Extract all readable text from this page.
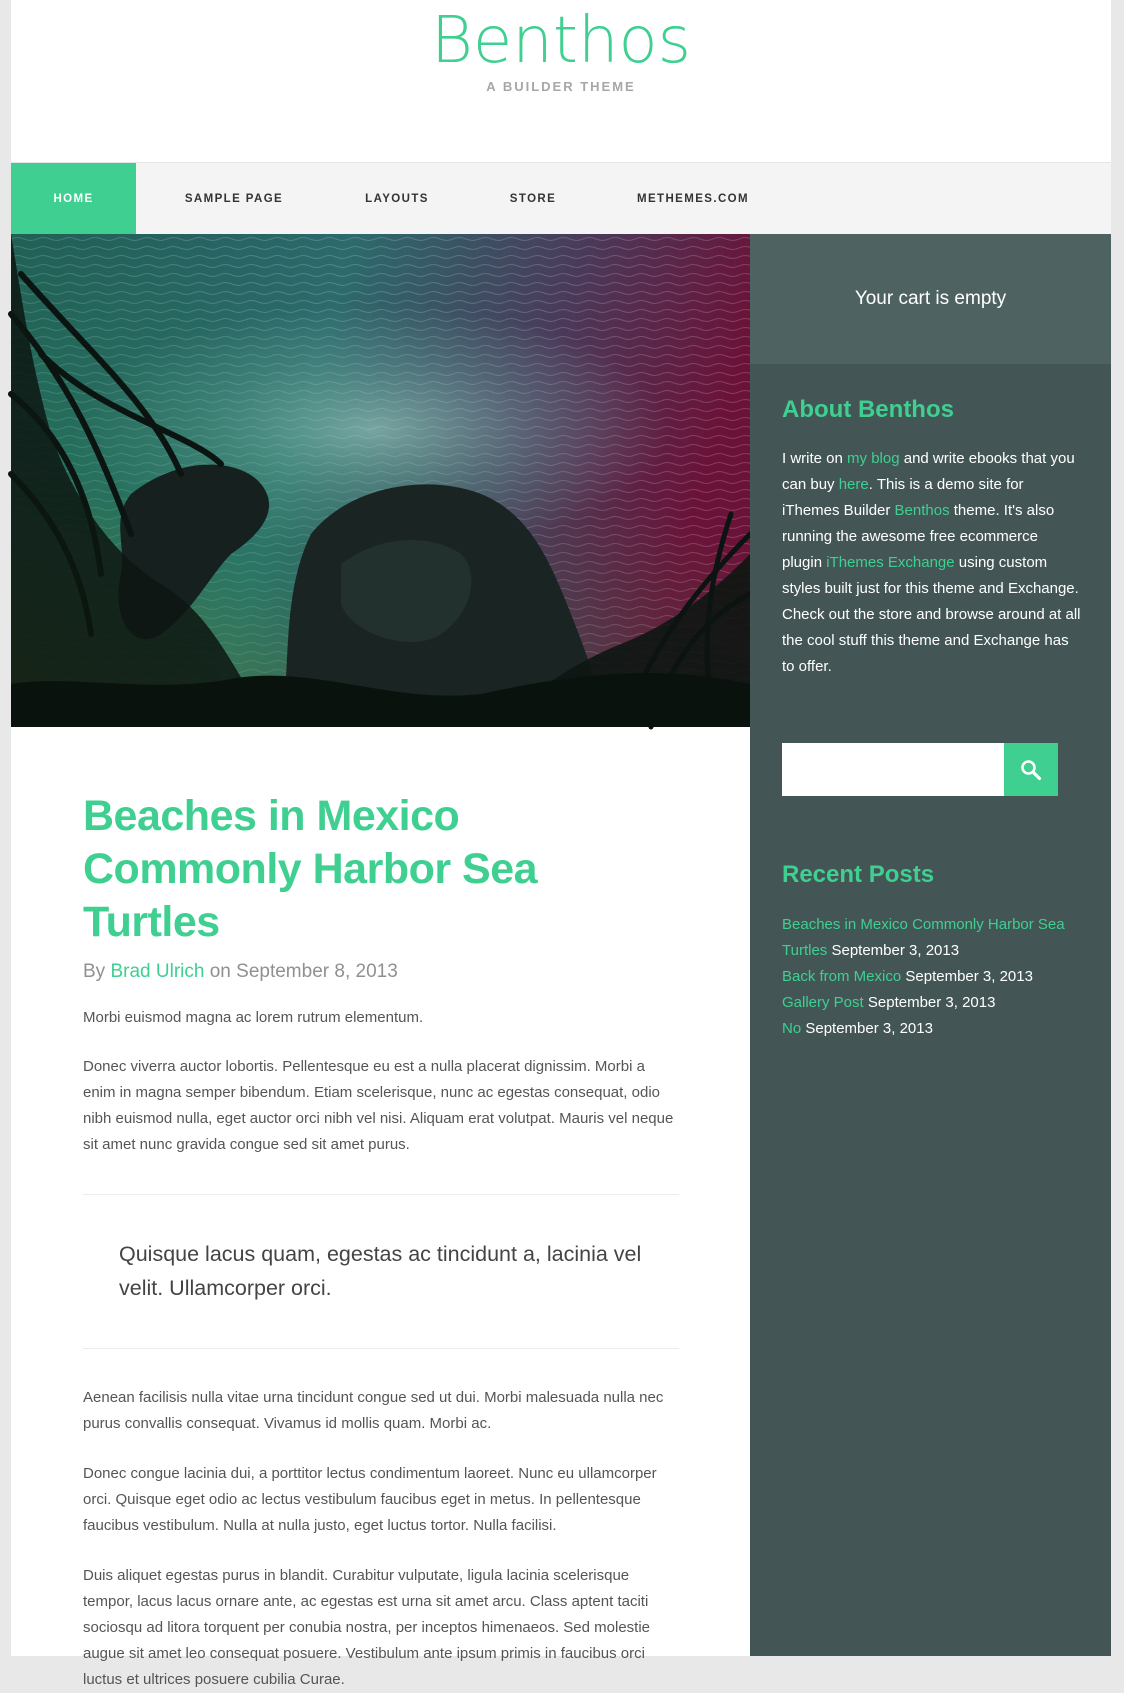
Benthos
A BUILDER THEME
HOME	SAMPLE PAGE	LAYOUTS	STORE	METHEMES.COM
Beaches in Mexico Commonly Harbor Sea Turtles
By Brad Ulrich on September 8, 2013

Morbi euismod magna ac lorem rutrum elementum.

Donec viverra auctor lobortis. Pellentesque eu est a nulla placerat dignissim. Morbi a enim in magna semper bibendum. Etiam scelerisque, nunc ac egestas consequat, odio nibh euismod nulla, eget auctor orci nibh vel nisi. Aliquam erat volutpat. Mauris vel neque sit amet nunc gravida congue sed sit amet purus.

Quisque lacus quam, egestas ac tincidunt a, lacinia vel velit. Ullamcorper orci.

Aenean facilisis nulla vitae urna tincidunt congue sed ut dui. Morbi malesuada nulla nec purus convallis consequat. Vivamus id mollis quam. Morbi ac.

Donec congue lacinia dui, a porttitor lectus condimentum laoreet. Nunc eu ullamcorper orci. Quisque eget odio ac lectus vestibulum faucibus eget in metus. In pellentesque faucibus vestibulum. Nulla at nulla justo, eget luctus tortor. Nulla facilisi.

Duis aliquet egestas purus in blandit. Curabitur vulputate, ligula lacinia scelerisque tempor, lacus lacus ornare ante, ac egestas est urna sit amet arcu. Class aptent taciti sociosqu ad litora torquent per conubia nostra, per inceptos himenaeos. Sed molestie augue sit amet leo consequat posuere. Vestibulum ante ipsum primis in faucibus orci luctus et ultrices posuere cubilia Curae.

Your cart is empty
About Benthos
I write on my blog and write ebooks that you can buy here. This is a demo site for iThemes Builder Benthos theme. It's also running the awesome free ecommerce plugin iThemes Exchange using custom styles built just for this theme and Exchange. Check out the store and browse around at all the cool stuff this theme and Exchange has to offer.
Recent Posts
Beaches in Mexico Commonly Harbor Sea Turtles September 3, 2013
Back from Mexico September 3, 2013
Gallery Post September 3, 2013
No September 3, 2013
